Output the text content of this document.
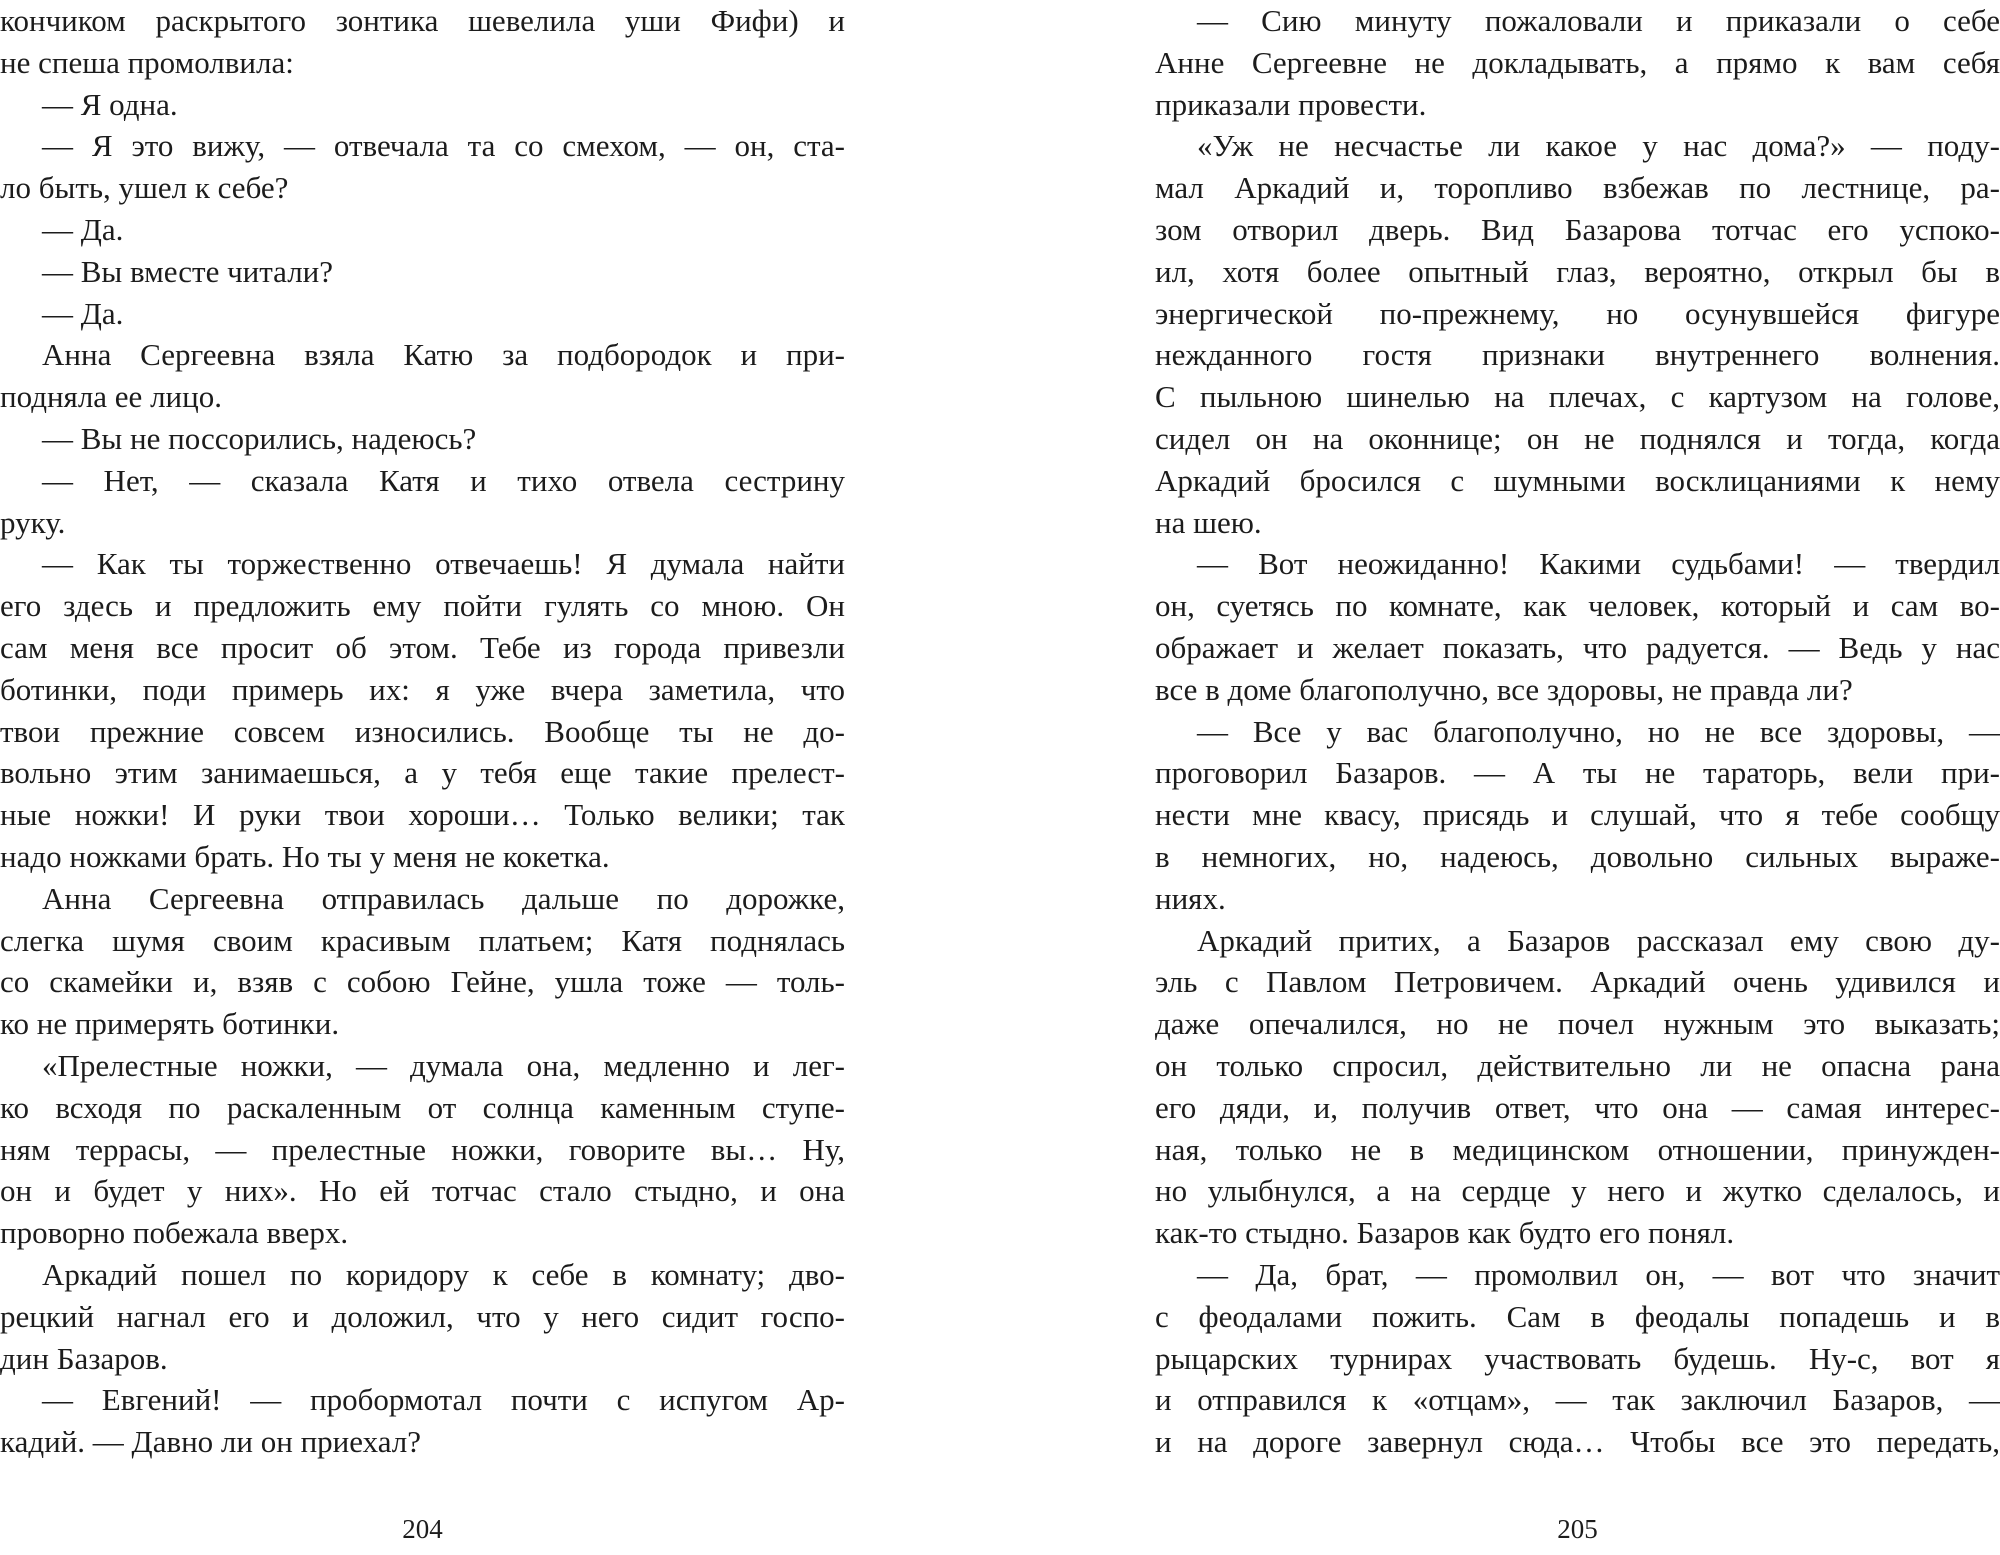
кончиком раскрытого зонтика шевелила уши Фифи) и
не спеша промолвила:
— Я одна.
— Я это вижу, — отвечала та со смехом, — он, ста-
ло быть, ушел к себе?
— Да.
— Вы вместе читали?
— Да.
Анна Сергеевна взяла Катю за подбородок и при-
подняла ее лицо.
— Вы не поссорились, надеюсь?
— Нет, — сказала Катя и тихо отвела сестрину
руку.
— Как ты торжественно отвечаешь! Я думала найти
его здесь и предложить ему пойти гулять со мною. Он
сам меня все просит об этом. Тебе из города привезли
ботинки, поди примерь их: я уже вчера заметила, что
твои прежние совсем износились. Вообще ты не до-
вольно этим занимаешься, а у тебя еще такие прелест-
ные ножки! И руки твои хороши… Только велики; так
надо ножками брать. Но ты у меня не кокетка.
Анна Сергеевна отправилась дальше по дорожке,
слегка шумя своим красивым платьем; Катя поднялась
со скамейки и, взяв с собою Гейне, ушла тоже — толь-
ко не примерять ботинки.
«Прелестные ножки, — думала она, медленно и лег-
ко всходя по раскаленным от солнца каменным ступе-
ням террасы, — прелестные ножки, говорите вы… Ну,
он и будет у них». Но ей тотчас стало стыдно, и она
проворно побежала вверх.
Аркадий пошел по коридору к себе в комнату; дво-
рецкий нагнал его и доложил, что у него сидит госпо-
дин Базаров.
— Евгений! — пробормотал почти с испугом Ар-
кадий. — Давно ли он приехал?
204
— Сию минуту пожаловали и приказали о себе
Анне Сергеевне не докладывать, а прямо к вам себя
приказали провести.
«Уж не несчастье ли какое у нас дома?» — поду-
мал Аркадий и, торопливо взбежав по лестнице, ра-
зом отворил дверь. Вид Базарова тотчас его успоко-
ил, хотя более опытный глаз, вероятно, открыл бы в
энергической по-прежнему, но осунувшейся фигуре
нежданного гостя признаки внутреннего волнения.
С пыльною шинелью на плечах, с картузом на голове,
сидел он на оконнице; он не поднялся и тогда, когда
Аркадий бросился с шумными восклицаниями к нему
на шею.
— Вот неожиданно! Какими судьбами! — твердил
он, суетясь по комнате, как человек, который и сам во-
ображает и желает показать, что радуется. — Ведь у нас
все в доме благополучно, все здоровы, не правда ли?
— Все у вас благополучно, но не все здоровы, —
проговорил Базаров. — А ты не тараторь, вели при-
нести мне квасу, присядь и слушай, что я тебе сообщу
в немногих, но, надеюсь, довольно сильных выраже-
ниях.
Аркадий притих, а Базаров рассказал ему свою ду-
эль с Павлом Петровичем. Аркадий очень удивился и
даже опечалился, но не почел нужным это выказать;
он только спросил, действительно ли не опасна рана
его дяди, и, получив ответ, что она — самая интерес-
ная, только не в медицинском отношении, принужден-
но улыбнулся, а на сердце у него и жутко сделалось, и
как-то стыдно. Базаров как будто его понял.
— Да, брат, — промолвил он, — вот что значит
с феодалами пожить. Сам в феодалы попадешь и в
рыцарских турнирах участвовать будешь. Ну-с, вот я
и отправился к «отцам», — так заключил Базаров, —
и на дороге завернул сюда… Чтобы все это передать,
205
